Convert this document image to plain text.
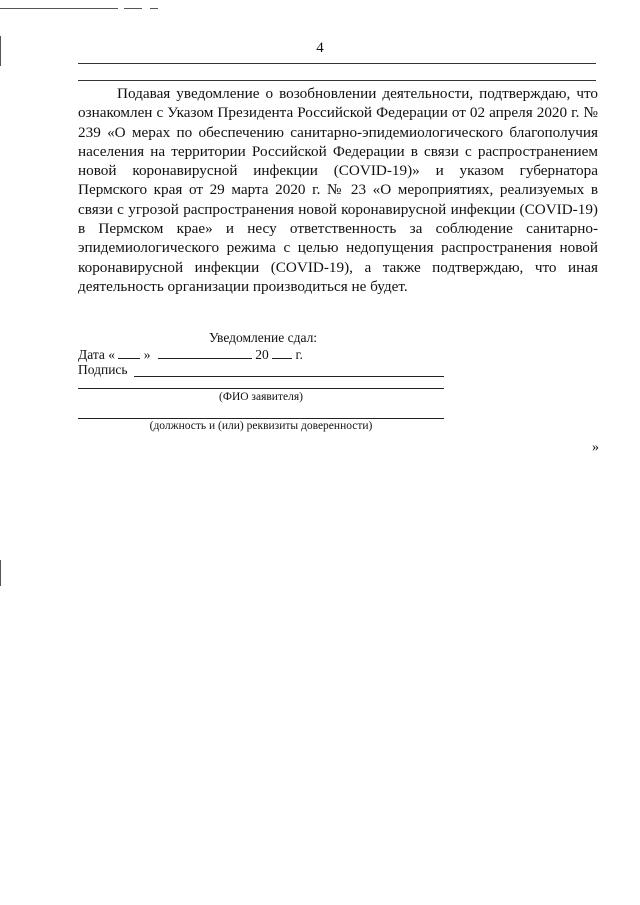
4

Подавая уведомление о возобновлении деятельности, подтверждаю, что ознакомлен с Указом Президента Российской Федерации от 02 апреля 2020 г. № 239 «О мерах по обеспечению санитарно-эпидемиологического благополучия населения на территории Российской Федерации в связи с распространением новой коронавирусной инфекции (COVID-19)» и указом губернатора Пермского края от 29 марта 2020 г. № 23 «О мероприятиях, реализуемых в связи с угрозой распространения новой коронавирусной инфекции (COVID-19) в Пермском крае» и несу ответственность за соблюдение санитарно-эпидемиологического режима с целью недопущения распространения новой коронавирусной инфекции (COVID-19), а также подтверждаю, что иная деятельность организации производиться не будет.

Уведомление сдал:
Дата « »	20 г.
Подпись
(ФИО заявителя)
(должность и (или) реквизиты доверенности)
»
